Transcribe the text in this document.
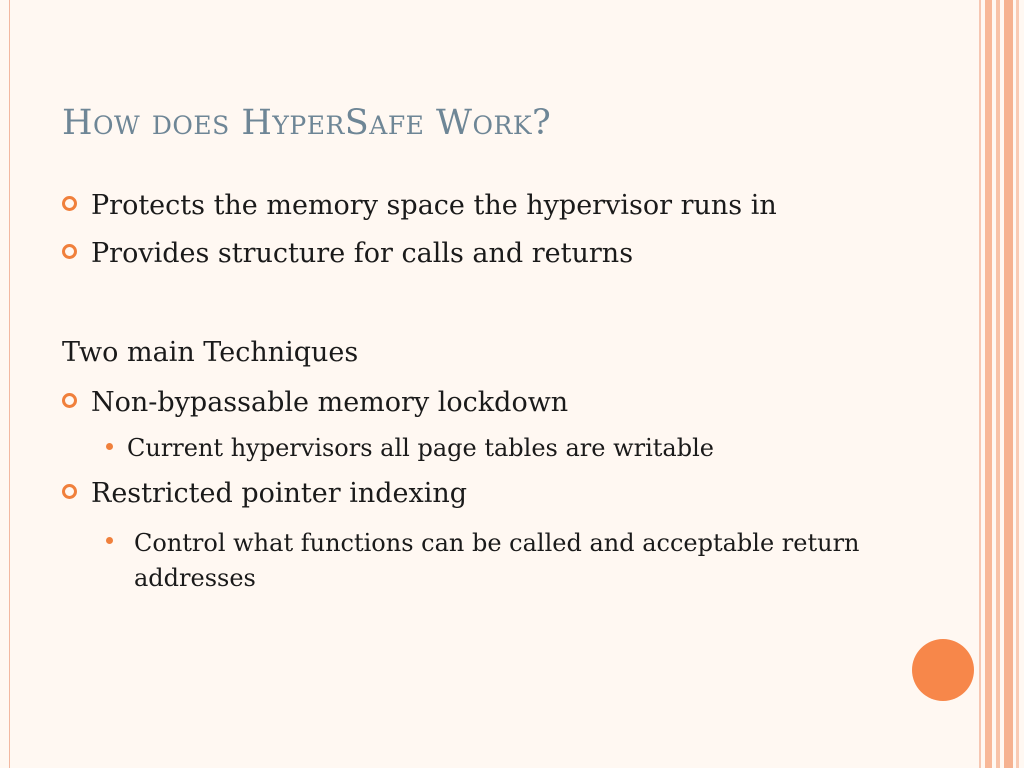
How does HyperSafe Work?
Protects the memory space the hypervisor runs in
Provides structure for calls and returns
Two main Techniques
Non-bypassable memory lockdown
Current hypervisors all page tables are writable
Restricted pointer indexing
Control what functions can be called and acceptable return addresses
